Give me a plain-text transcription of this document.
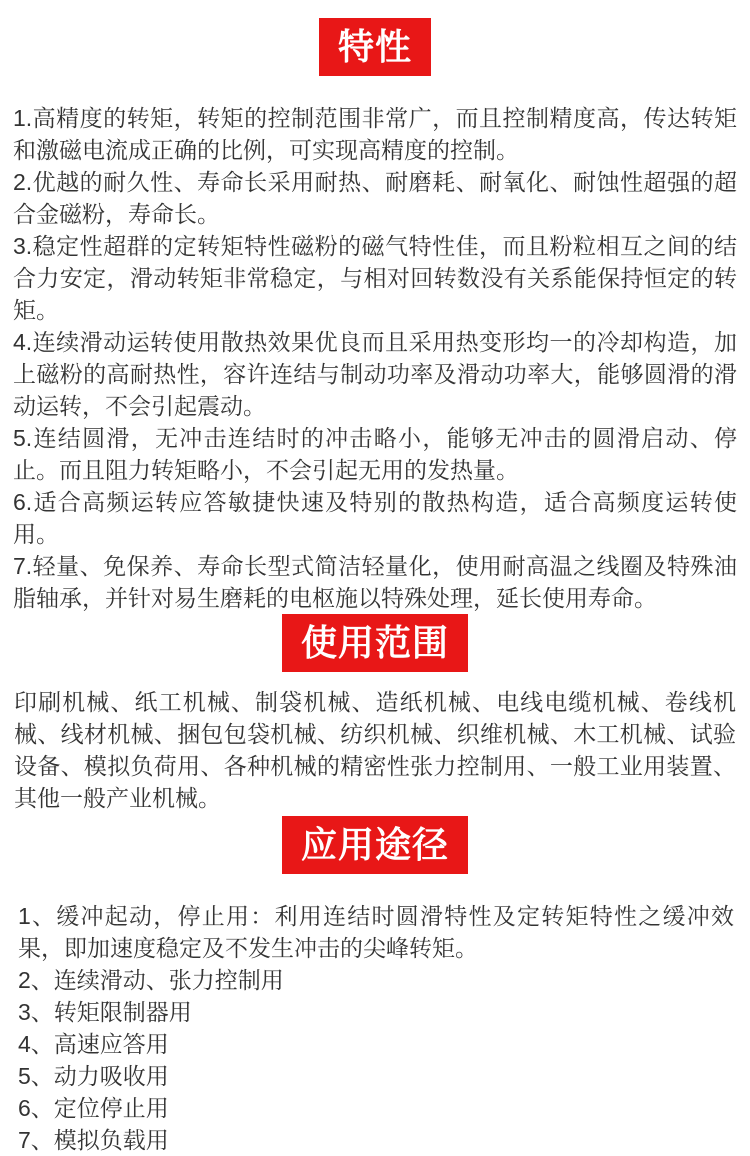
特性

1.高精度的转矩，转矩的控制范围非常广，而且控制精度高，传达转矩和激磁电流成正确的比例，可实现高精度的控制。

2.优越的耐久性、寿命长采用耐热、耐磨耗、耐氧化、耐蚀性超强的超合金磁粉，寿命长。

3.稳定性超群的定转矩特性磁粉的磁气特性佳，而且粉粒相互之间的结合力安定，滑动转矩非常稳定，与相对回转数没有关系能保持恒定的转矩。

4.连续滑动运转使用散热效果优良而且采用热变形均一的冷却构造，加上磁粉的高耐热性，容许连结与制动功率及滑动功率大，能够圆滑的滑动运转，不会引起震动。

5.连结圆滑，无冲击连结时的冲击略小，能够无冲击的圆滑启动、停止。而且阻力转矩略小，不会引起无用的发热量。

6.适合高频运转应答敏捷快速及特别的散热构造，适合高频度运转使用。

7.轻量、免保养、寿命长型式简洁轻量化，使用耐高温之线圈及特殊油脂轴承，并针对易生磨耗的电枢施以特殊处理，延长使用寿命。

使用范围

印刷机械、纸工机械、制袋机械、造纸机械、电线电缆机械、卷线机械、线材机械、捆包包袋机械、纺织机械、织维机械、木工机械、试验设备、模拟负荷用、各种机械的精密性张力控制用、一般工业用装置、其他一般产业机械。

应用途径

1、缓冲起动，停止用：利用连结时圆滑特性及定转矩特性之缓冲效果，即加速度稳定及不发生冲击的尖峰转矩。

2、连续滑动、张力控制用

3、转矩限制器用

4、高速应答用

5、动力吸收用

6、定位停止用

7、模拟负载用
